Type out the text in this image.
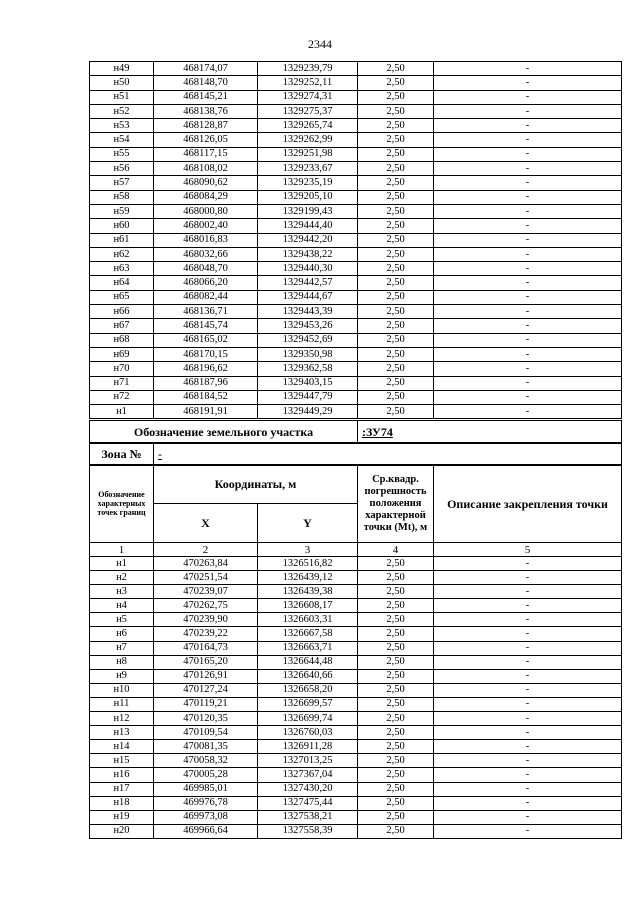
2344
н49	468174,07	1329239,79	2,50	-
н50	468148,70	1329252,11	2,50	-
н51	468145,21	1329274,31	2,50	-
н52	468138,76	1329275,37	2,50	-
н53	468128,87	1329265,74	2,50	-
н54	468126,05	1329262,99	2,50	-
н55	468117,15	1329251,98	2,50	-
н56	468108,02	1329233,67	2,50	-
н57	468090,62	1329235,19	2,50	-
н58	468084,29	1329205,10	2,50	-
н59	468000,80	1329199,43	2,50	-
н60	468002,40	1329444,40	2,50	-
н61	468016,83	1329442,20	2,50	-
н62	468032,66	1329438,22	2,50	-
н63	468048,70	1329440,30	2,50	-
н64	468066,20	1329442,57	2,50	-
н65	468082,44	1329444,67	2,50	-
н66	468136,71	1329443,39	2,50	-
н67	468145,74	1329453,26	2,50	-
н68	468165,02	1329452,69	2,50	-
н69	468170,15	1329350,98	2,50	-
н70	468196,62	1329362,58	2,50	-
н71	468187,96	1329403,15	2,50	-
н72	468184,52	1329447,79	2,50	-
н1	468191,91	1329449,29	2,50	-
Обозначение земельного участка	:ЗУ74
Зона №	-
Обозначение характерных точек границ	Координаты, м		Ср.квадр. погрешность положения характерной точки (Mt), м	Описание закрепления точки
	X	Y		
1	2	3	4	5
н1	470263,84	1326516,82	2,50	-
н2	470251,54	1326439,12	2,50	-
н3	470239,07	1326439,38	2,50	-
н4	470262,75	1326608,17	2,50	-
н5	470239,90	1326603,31	2,50	-
н6	470239,22	1326667,58	2,50	-
н7	470164,73	1326663,71	2,50	-
н8	470165,20	1326644,48	2,50	-
н9	470126,91	1326640,66	2,50	-
н10	470127,24	1326658,20	2,50	-
н11	470119,21	1326699,57	2,50	-
н12	470120,35	1326699,74	2,50	-
н13	470109,54	1326760,03	2,50	-
н14	470081,35	1326911,28	2,50	-
н15	470058,32	1327013,25	2,50	-
н16	470005,28	1327367,04	2,50	-
н17	469985,01	1327430,20	2,50	-
н18	469976,78	1327475,44	2,50	-
н19	469973,08	1327538,21	2,50	-
н20	469966,64	1327558,39	2,50	-
